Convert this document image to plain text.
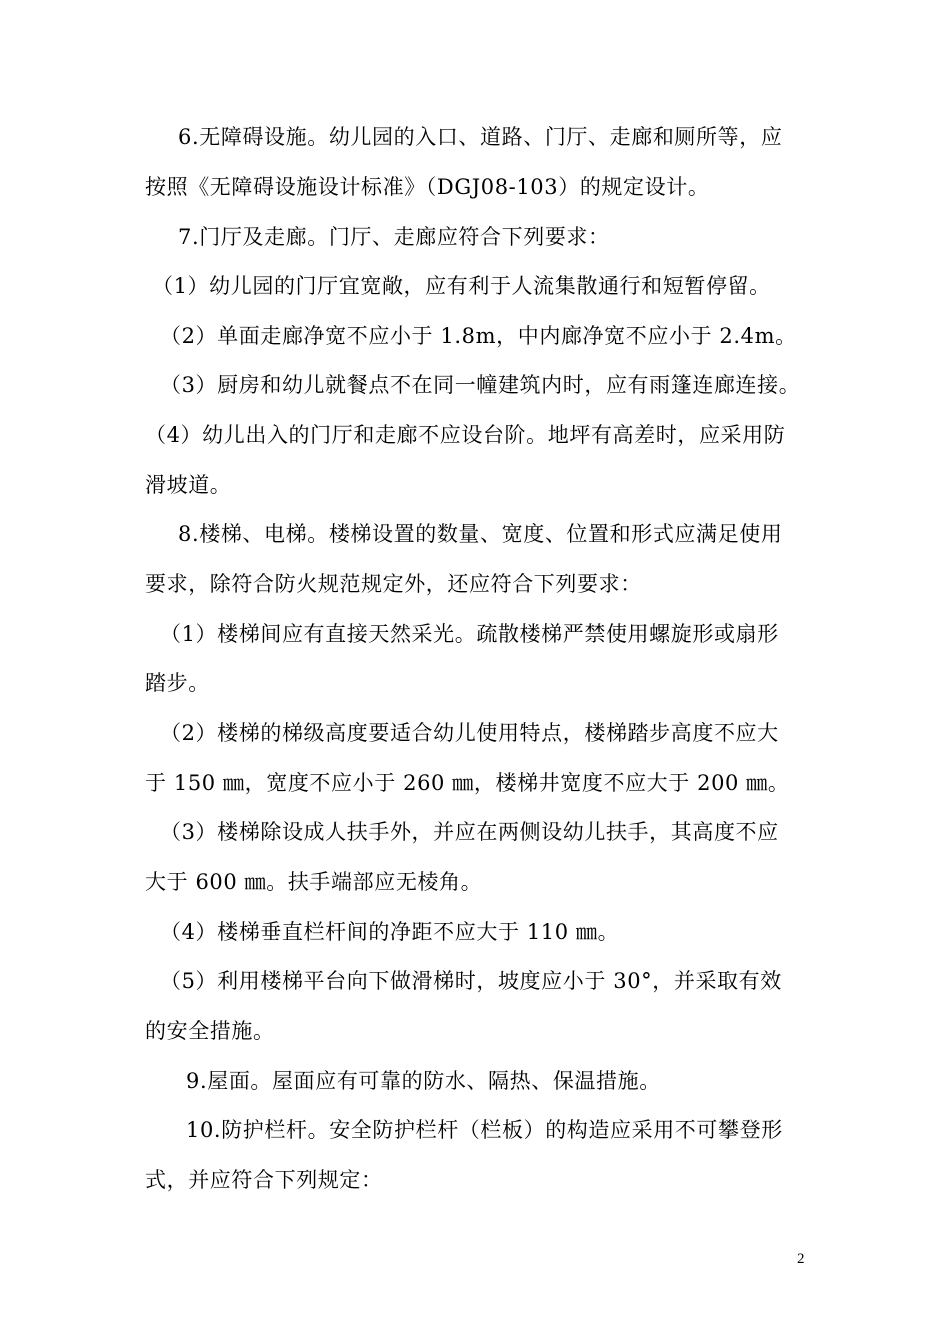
6.无障碍设施。幼儿园的入口、道路、门厅、走廊和厕所等，应
按照《无障碍设施设计标准》（DGJ08-103）的规定设计。
7.门厅及走廊。门厅、走廊应符合下列要求：
（1）幼儿园的门厅宜宽敞，应有利于人流集散通行和短暂停留。
（2）单面走廊净宽不应小于 1.8m，中内廊净宽不应小于 2.4m。
（3）厨房和幼儿就餐点不在同一幢建筑内时，应有雨篷连廊连接。
（4）幼儿出入的门厅和走廊不应设台阶。地坪有高差时，应采用防
滑坡道。
8.楼梯、电梯。楼梯设置的数量、宽度、位置和形式应满足使用
要求，除符合防火规范规定外，还应符合下列要求：
（1）楼梯间应有直接天然采光。疏散楼梯严禁使用螺旋形或扇形
踏步。
（2）楼梯的梯级高度要适合幼儿使用特点，楼梯踏步高度不应大
于 150 ㎜，宽度不应小于 260 ㎜，楼梯井宽度不应大于 200 ㎜。
（3）楼梯除设成人扶手外，并应在两侧设幼儿扶手，其高度不应
大于 600 ㎜。扶手端部应无棱角。
（4）楼梯垂直栏杆间的净距不应大于 110 ㎜。
（5）利用楼梯平台向下做滑梯时，坡度应小于 30°，并采取有效
的安全措施。
9.屋面。屋面应有可靠的防水、隔热、保温措施。
10.防护栏杆。安全防护栏杆（栏板）的构造应采用不可攀登形
式，并应符合下列规定：
2
